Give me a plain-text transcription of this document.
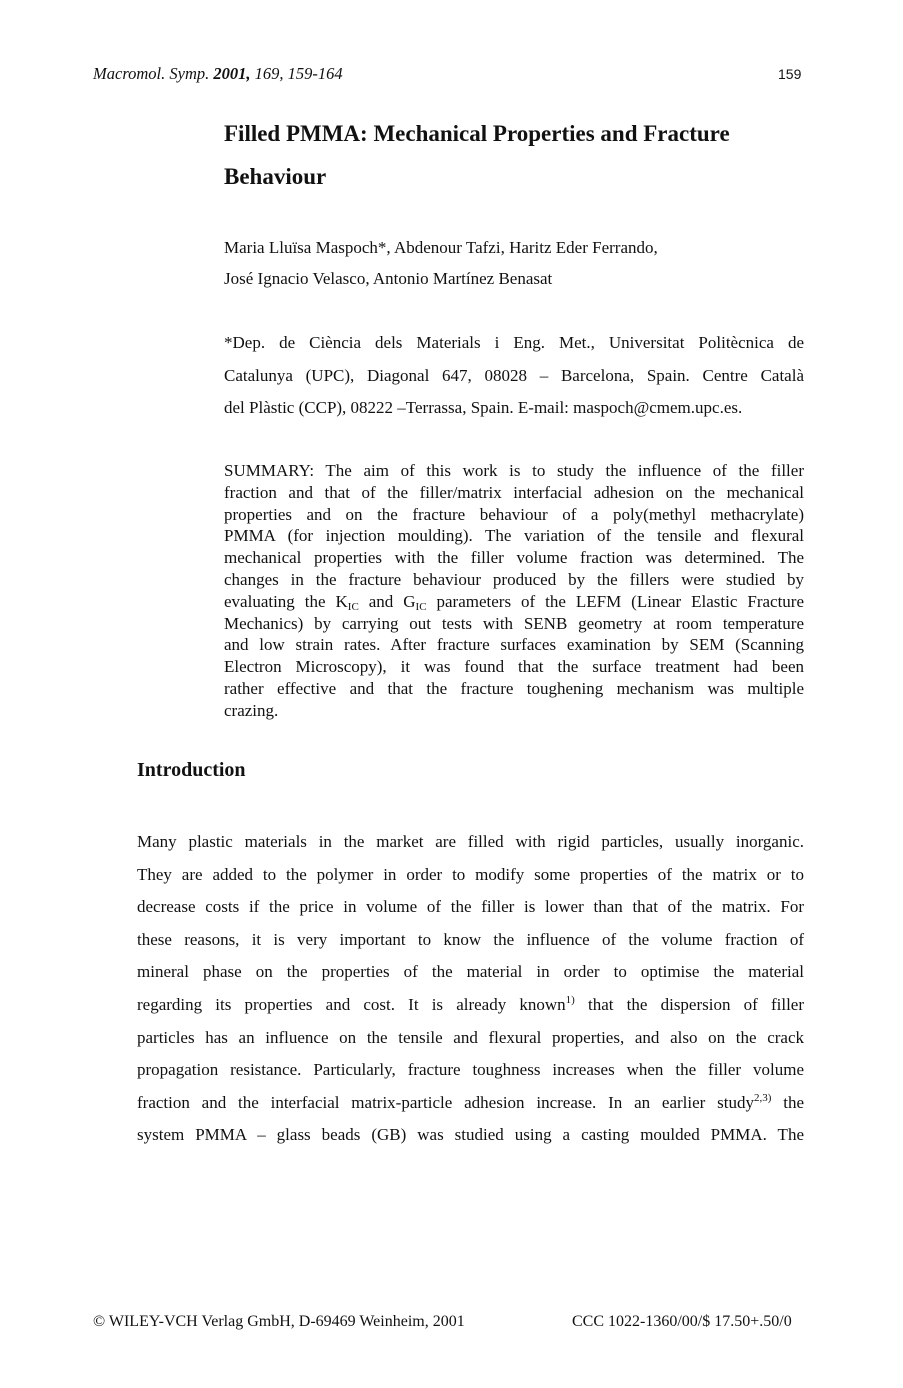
Macromol. Symp. 2001, 169, 159-164	159
Filled PMMA: Mechanical Properties and Fracture
Behaviour
Maria Lluïsa Maspoch*, Abdenour Tafzi, Haritz Eder Ferrando,
José Ignacio Velasco, Antonio Martínez Benasat
*Dep. de Ciència dels Materials i Eng. Met., Universitat Politècnica de
Catalunya (UPC), Diagonal 647, 08028 – Barcelona, Spain. Centre Català
del Plàstic (CCP), 08222 –Terrassa, Spain. E-mail: maspoch@cmem.upc.es.
SUMMARY: The aim of this work is to study the influence of the filler
fraction and that of the filler/matrix interfacial adhesion on the mechanical
properties and on the fracture behaviour of a poly(methyl methacrylate)
PMMA (for injection moulding). The variation of the tensile and flexural
mechanical properties with the filler volume fraction was determined. The
changes in the fracture behaviour produced by the fillers were studied by
evaluating the $K_{IC}$ and $G_{IC}$ parameters of the LEFM (Linear Elastic Fracture
Mechanics) by carrying out tests with SENB geometry at room temperature
and low strain rates. After fracture surfaces examination by SEM (Scanning
Electron Microscopy), it was found that the surface treatment had been
rather effective and that the fracture toughening mechanism was multiple
crazing.
Introduction
Many plastic materials in the market are filled with rigid particles, usually inorganic.
They are added to the polymer in order to modify some properties of the matrix or to
decrease costs if the price in volume of the filler is lower than that of the matrix. For
these reasons, it is very important to know the influence of the volume fraction of
mineral phase on the properties of the material in order to optimise the material
regarding its properties and cost. It is already known$^{1)}$ that the dispersion of filler
particles has an influence on the tensile and flexural properties, and also on the crack
propagation resistance. Particularly, fracture toughness increases when the filler volume
fraction and the interfacial matrix-particle adhesion increase. In an earlier study$^{2,3)}$ the
system PMMA – glass beads (GB) was studied using a casting moulded PMMA. The
© WILEY-VCH Verlag GmbH, D-69469 Weinheim, 2001	CCC 1022-1360/00/$ 17.50+.50/0
